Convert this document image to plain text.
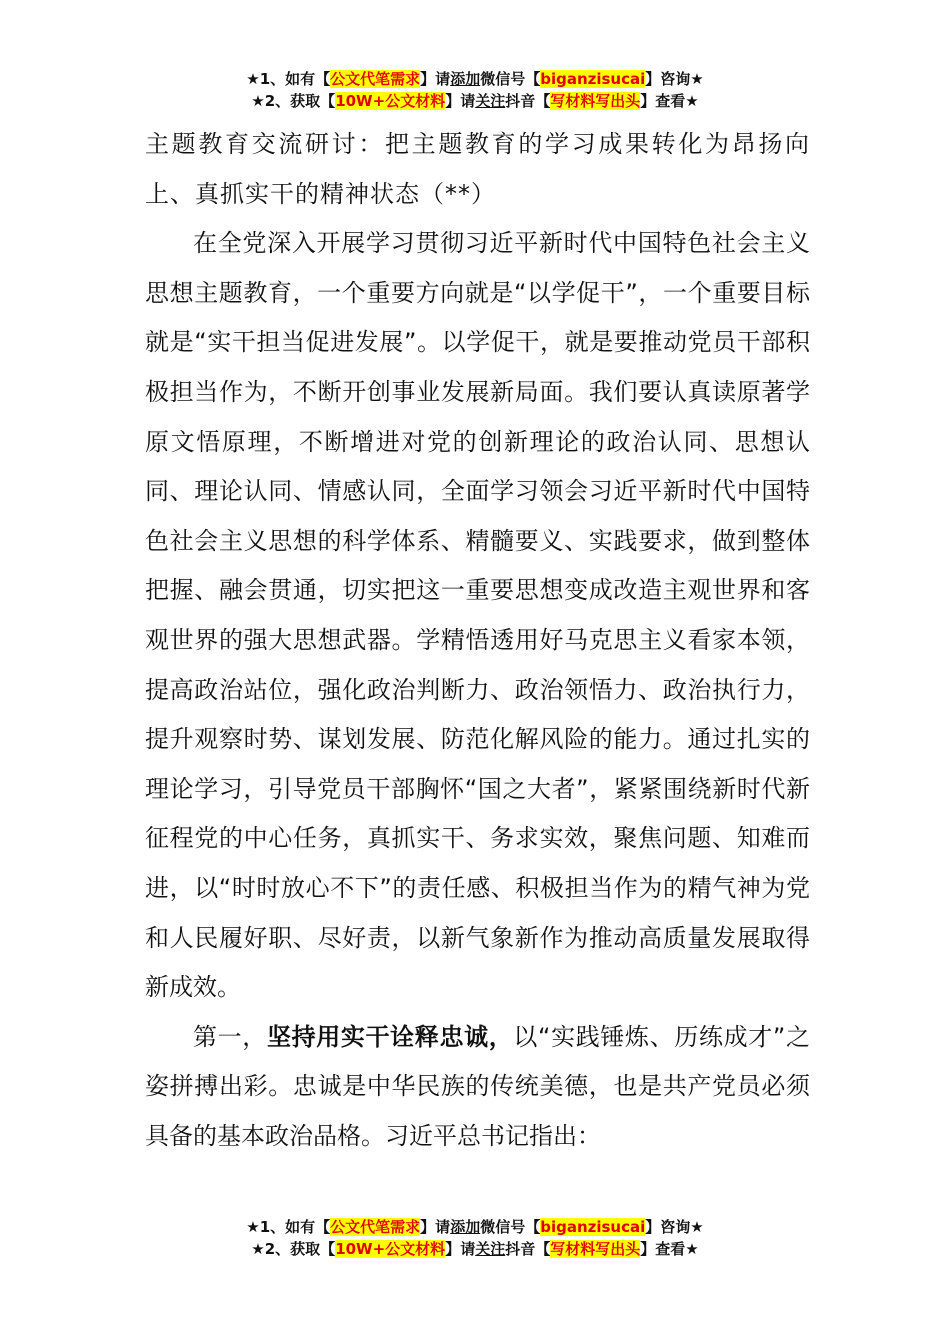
★1、如有【公文代笔需求】请添加微信号【biganzisucai】咨询★
★2、获取【10W+公文材料】请关注抖音【写材料写出头】查看★

主题教育交流研讨：把主题教育的学习成果转化为昂扬向上、真抓实干的精神状态（**）

在全党深入开展学习贯彻习近平新时代中国特色社会主义思想主题教育，一个重要方向就是“以学促干”，一个重要目标就是“实干担当促进发展”。以学促干，就是要推动党员干部积极担当作为，不断开创事业发展新局面。我们要认真读原著学原文悟原理，不断增进对党的创新理论的政治认同、思想认同、理论认同、情感认同，全面学习领会习近平新时代中国特色社会主义思想的科学体系、精髓要义、实践要求，做到整体把握、融会贯通，切实把这一重要思想变成改造主观世界和客观世界的强大思想武器。学精悟透用好马克思主义看家本领，提高政治站位，强化政治判断力、政治领悟力、政治执行力，提升观察时势、谋划发展、防范化解风险的能力。通过扎实的理论学习，引导党员干部胸怀“国之大者”，紧紧围绕新时代新征程党的中心任务，真抓实干、务求实效，聚焦问题、知难而进，以“时时放心不下”的责任感、积极担当作为的精气神为党和人民履好职、尽好责，以新气象新作为推动高质量发展取得新成效。

第一，坚持用实干诠释忠诚，以“实践锤炼、历练成才”之姿拼搏出彩。忠诚是中华民族的传统美德，也是共产党员必须具备的基本政治品格。习近平总书记指出：

★1、如有【公文代笔需求】请添加微信号【biganzisucai】咨询★
★2、获取【10W+公文材料】请关注抖音【写材料写出头】查看★
